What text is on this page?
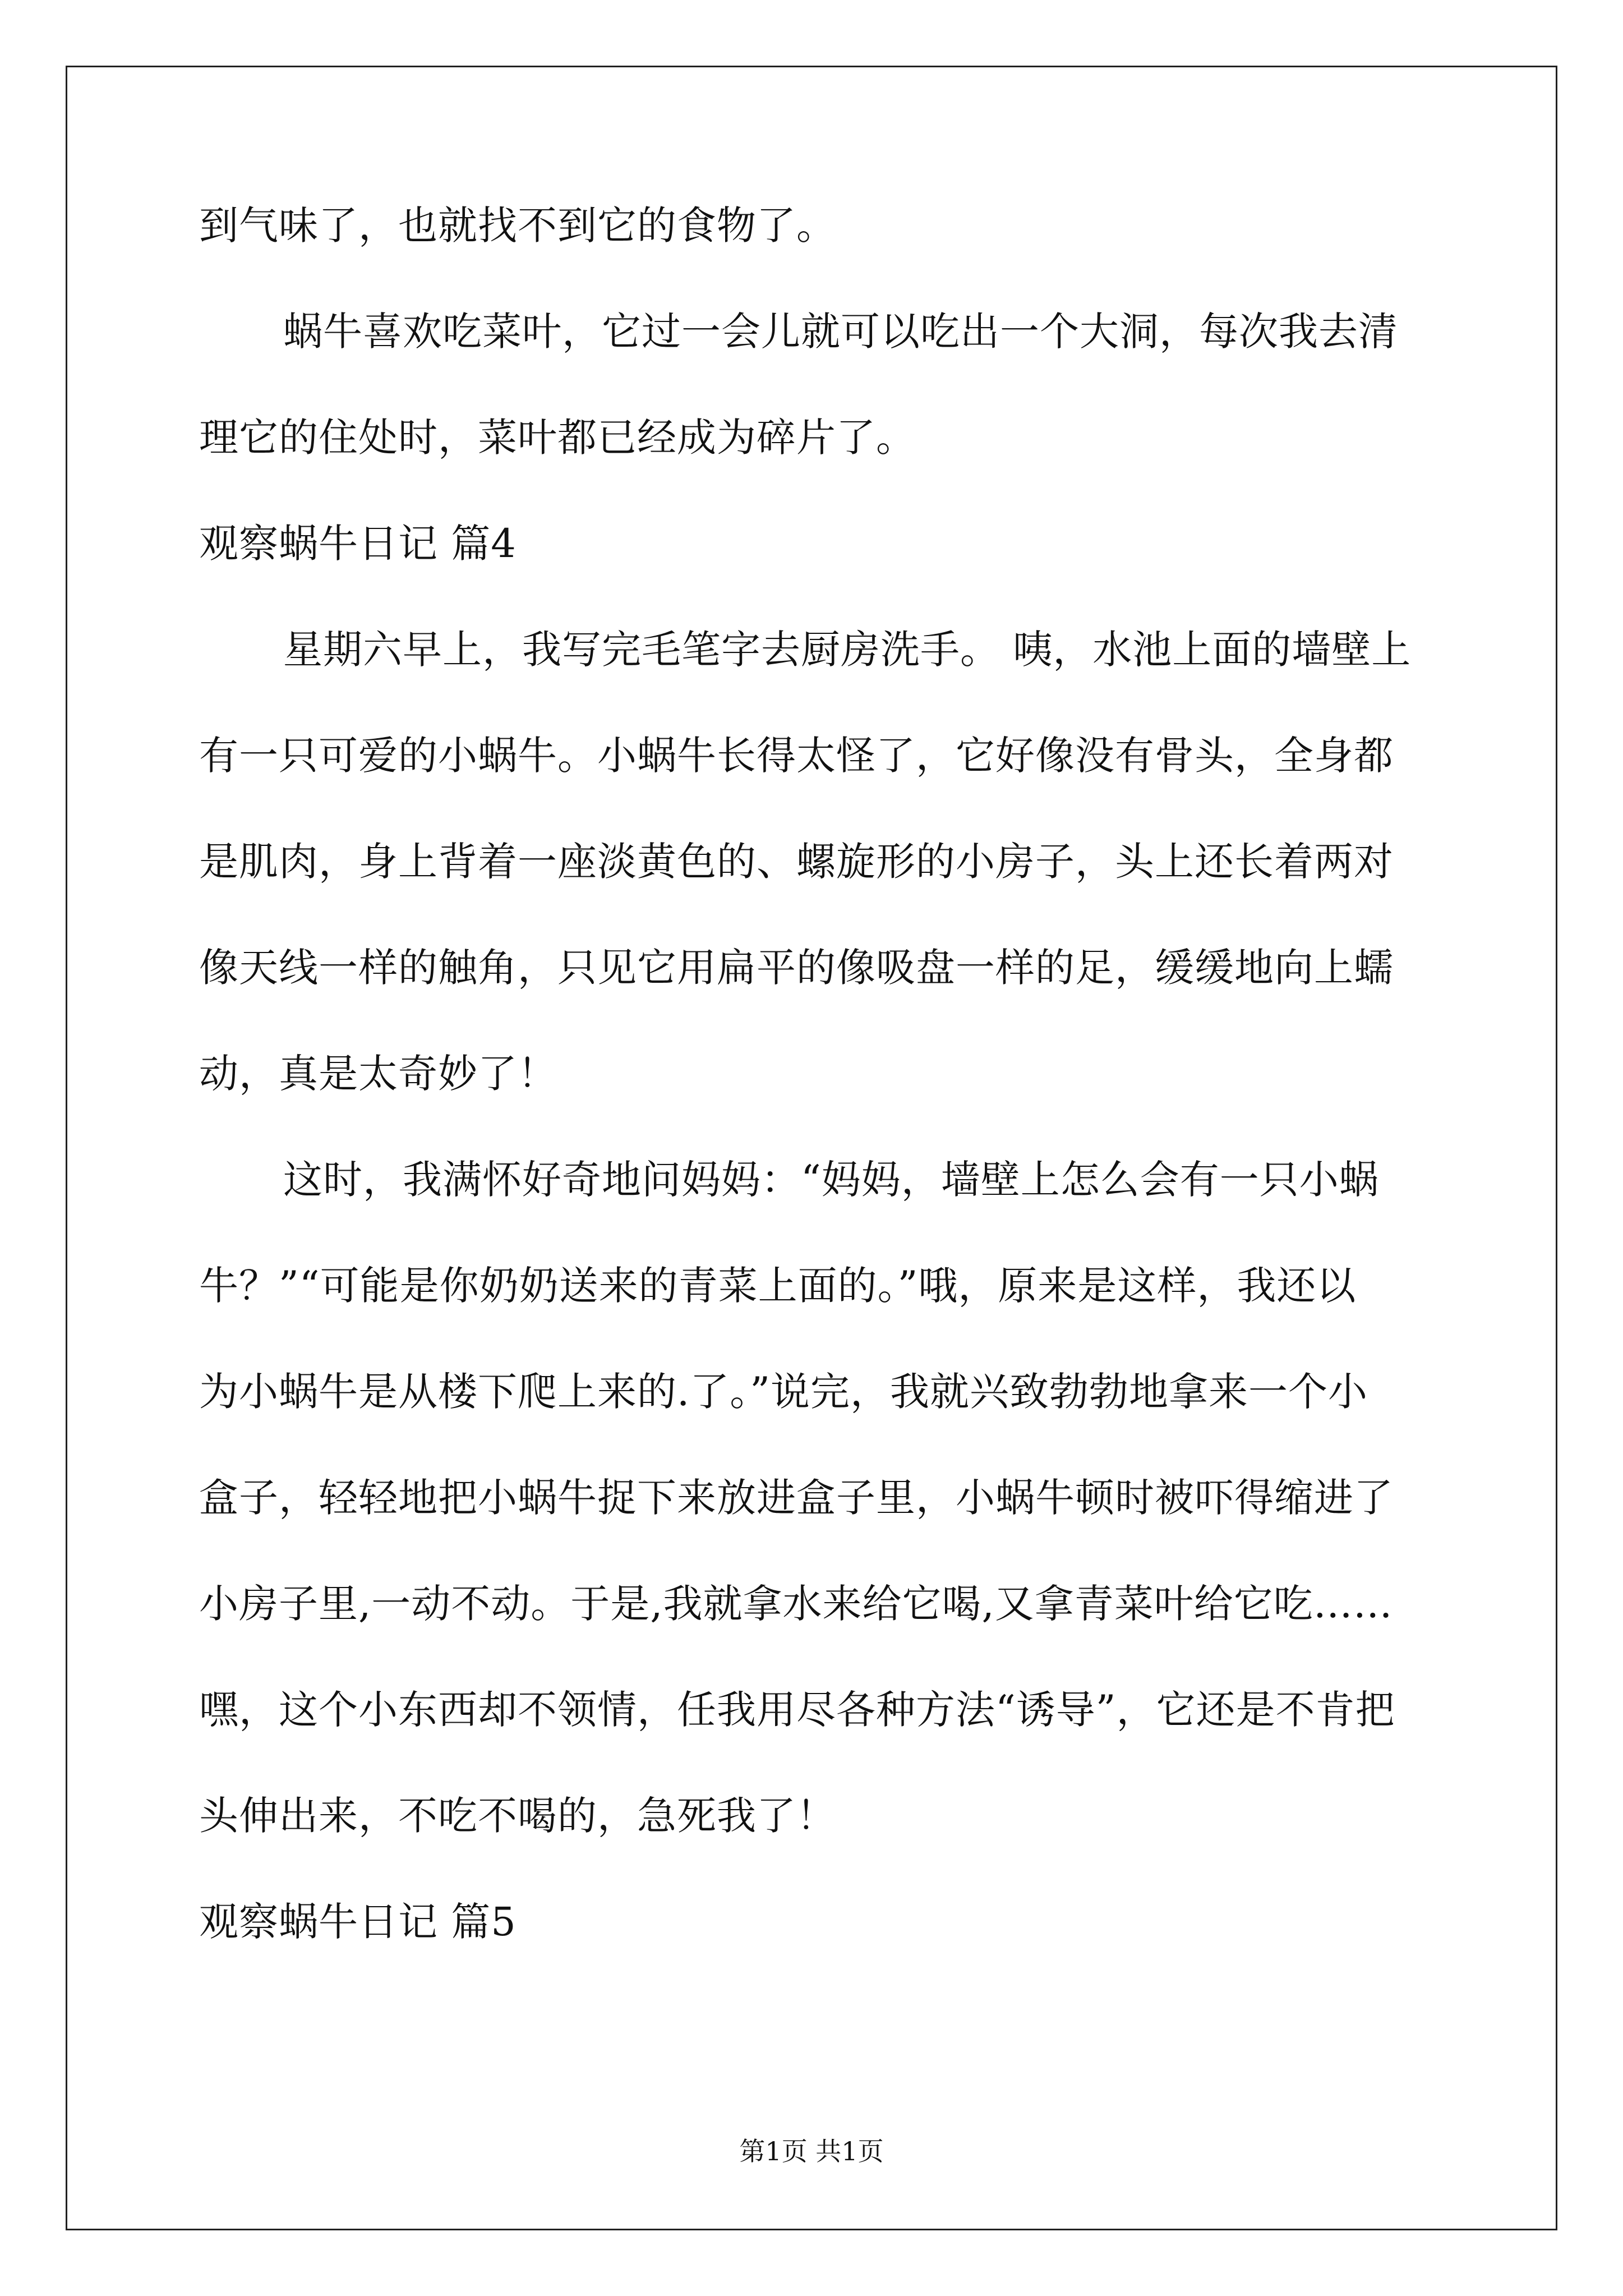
到气味了，也就找不到它的食物了。
蜗牛喜欢吃菜叶，它过一会儿就可以吃出一个大洞，每次我去清
理它的住处时，菜叶都已经成为碎片了。
观察蜗牛日记 篇4
星期六早上，我写完毛笔字去厨房洗手。 咦，水池上面的墙壁上
有一只可爱的小蜗牛。小蜗牛长得太怪了，它好像没有骨头，全身都
是肌肉，身上背着一座淡黄色的、螺旋形的小房子，头上还长着两对
像天线一样的触角，只见它用扁平的像吸盘一样的足，缓缓地向上蠕
动，真是太奇妙了！
这时，我满怀好奇地问妈妈：“妈妈，墙壁上怎么会有一只小蜗
牛？”“可能是你奶奶送来的青菜上面的。”哦，原来是这样，我还以
为小蜗牛是从楼下爬上来的.了。”说完，我就兴致勃勃地拿来一个小
盒子，轻轻地把小蜗牛捉下来放进盒子里，小蜗牛顿时被吓得缩进了
小房子里,一动不动。于是,我就拿水来给它喝,又拿青菜叶给它吃……
嘿，这个小东西却不领情，任我用尽各种方法“诱导”，它还是不肯把
头伸出来，不吃不喝的，急死我了！
观察蜗牛日记 篇5
第1页 共1页
